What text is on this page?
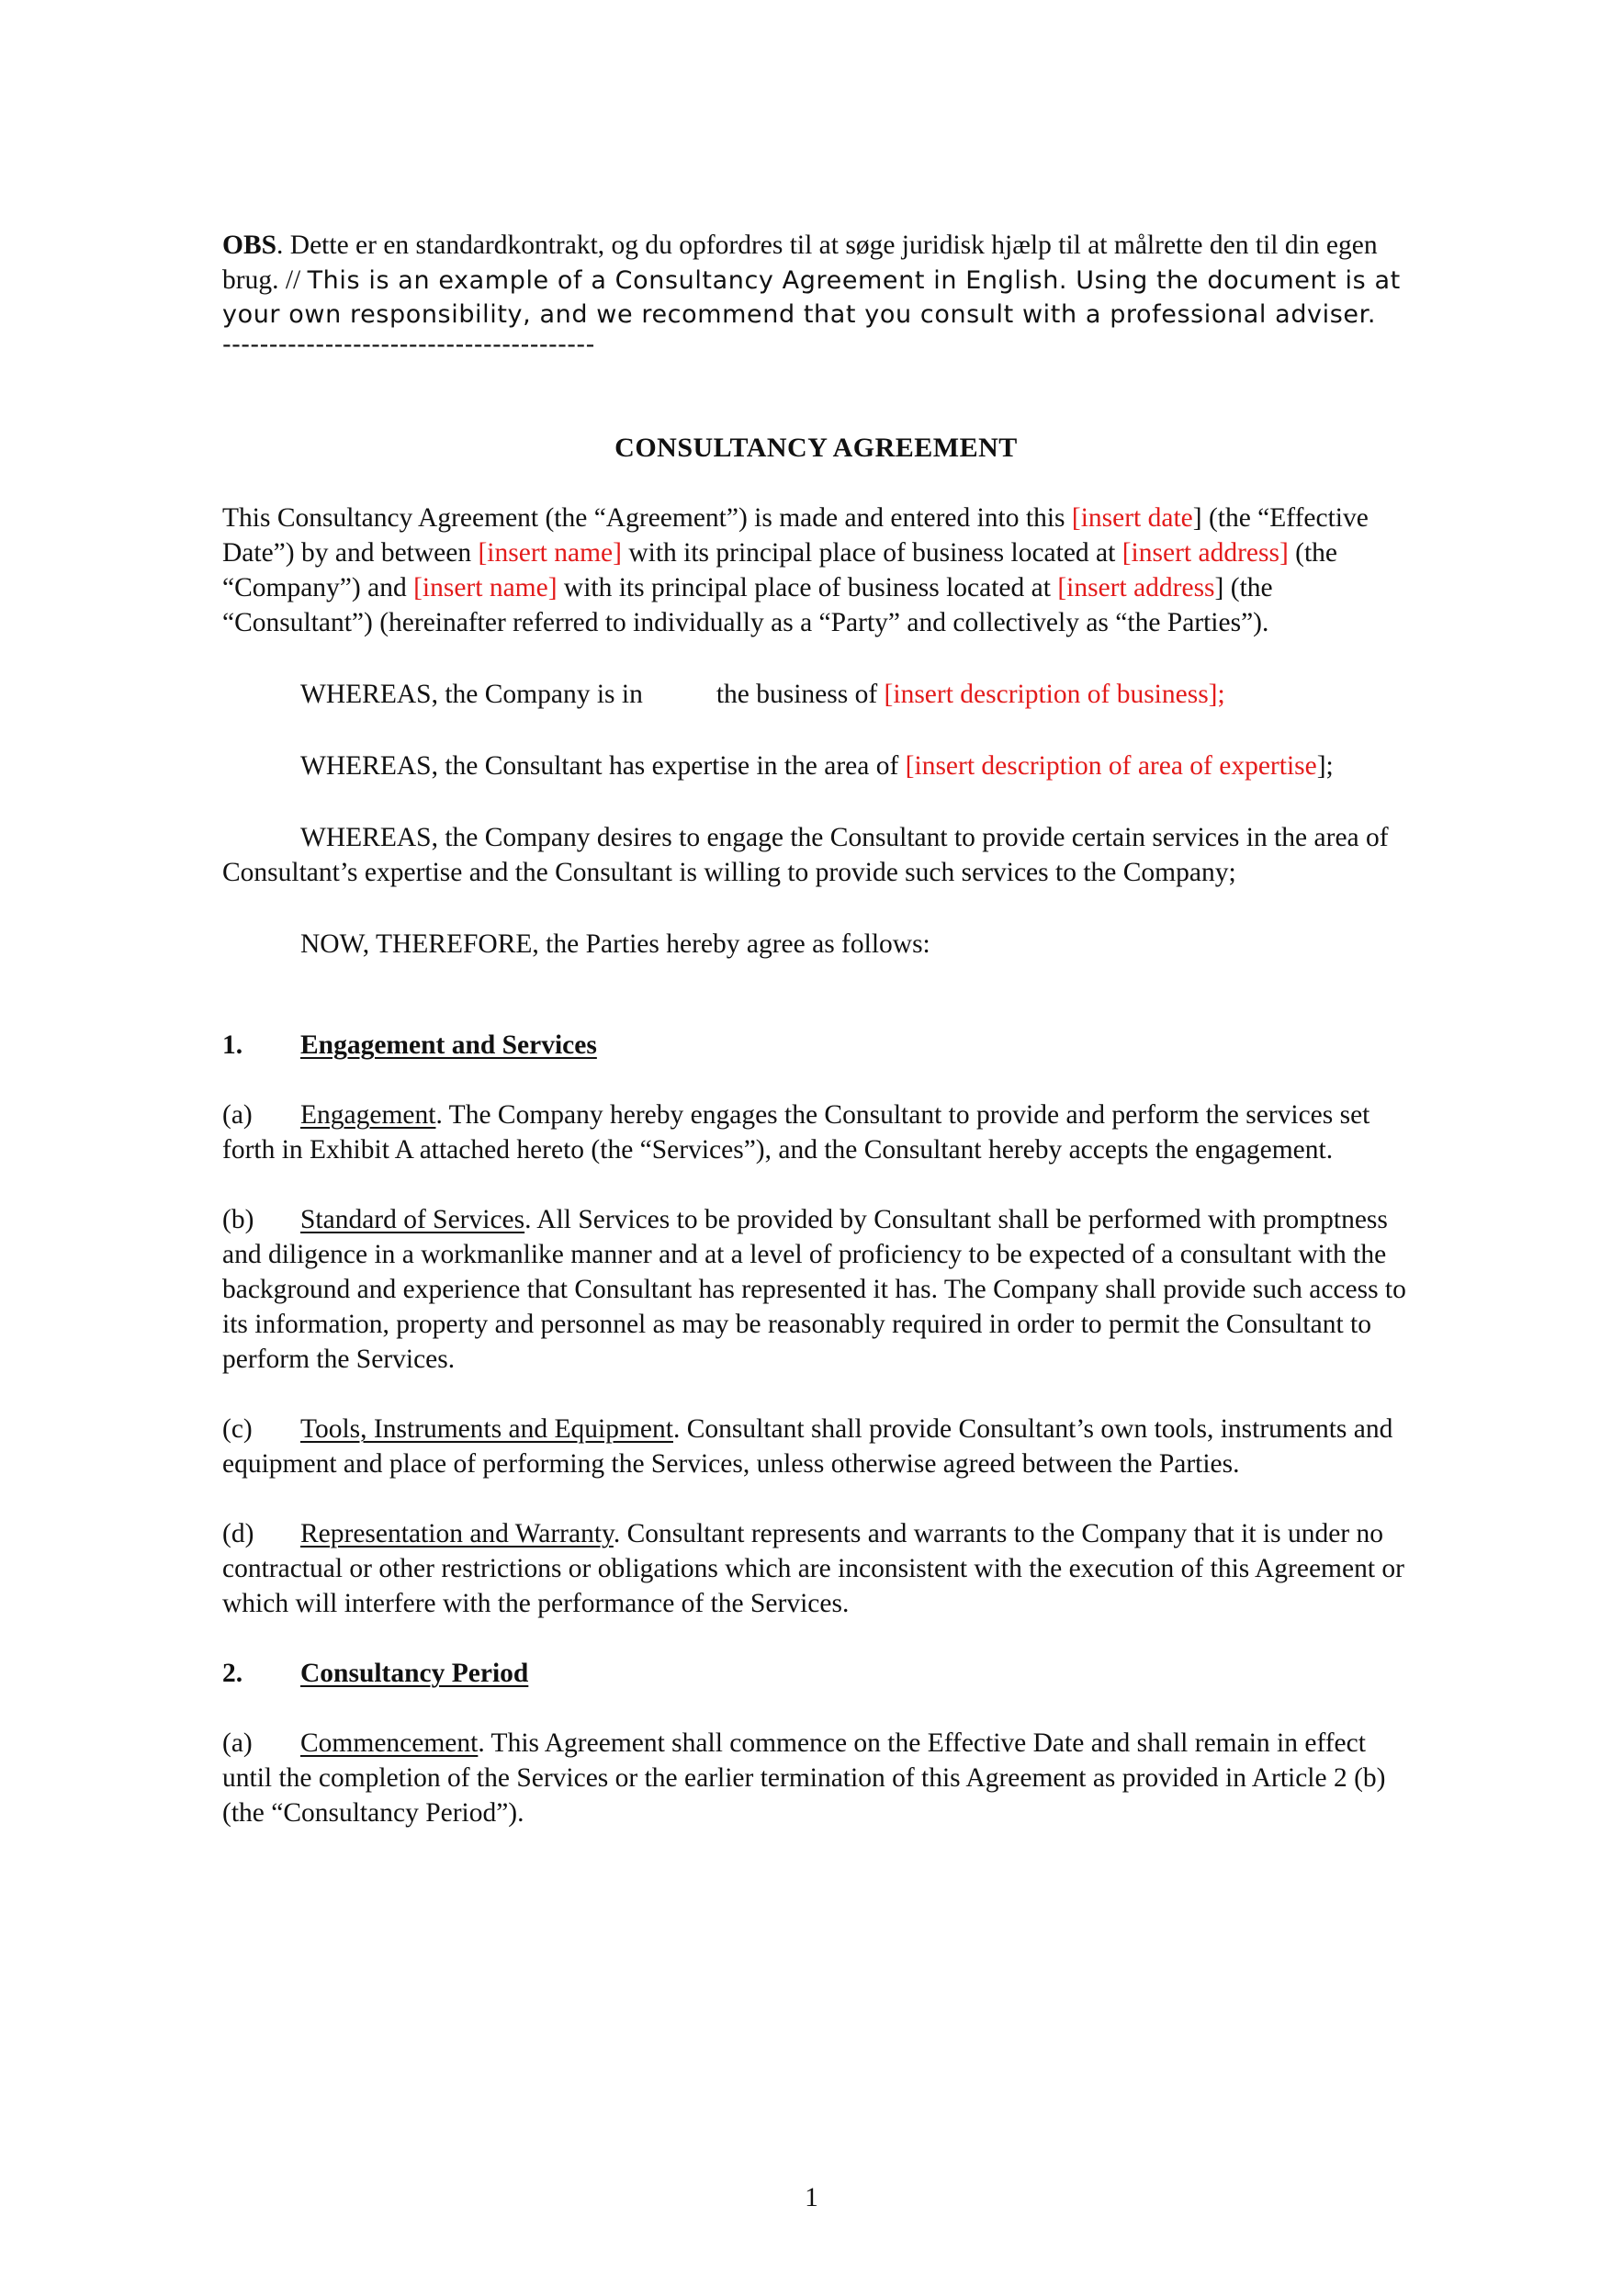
OBS. Dette er en standardkontrakt, og du opfordres til at søge juridisk hjælp til at målrette den til din egen brug. //

This is an example of a Consultancy Agreement in English. Using the document is at your own responsibility, and we recommend that you consult with a professional adviser.
----------------------------------------
CONSULTANCY AGREEMENT

This Consultancy Agreement (the “Agreement”) is made and entered into this [insert date] (the “Effective Date”) by and between [insert name] with its principal place of business located at [insert address] (the “Company”) and [insert name] with its principal place of business located at [insert address] (the “Consultant”) (hereinafter referred to individually as a “Party” and collectively as “the Parties”).

WHEREAS, the Company is in	the business of [insert description of business];

WHEREAS, the Consultant has expertise in the area of [insert description of area of expertise];

WHEREAS, the Company desires to engage the Consultant to provide certain services in the area of Consultant’s expertise and the Consultant is willing to provide such services to the Company;

NOW, THEREFORE, the Parties hereby agree as follows:

1. Engagement and Services

(a) Engagement. The Company hereby engages the Consultant to provide and perform the services set forth in Exhibit A attached hereto (the “Services”), and the Consultant hereby accepts the engagement.

(b) Standard of Services. All Services to be provided by Consultant shall be performed with promptness and diligence in a workmanlike manner and at a level of proficiency to be expected of a consultant with the background and experience that Consultant has represented it has. The Company shall provide such access to its information, property and personnel as may be reasonably required in order to permit the Consultant to perform the Services.

(c) Tools, Instruments and Equipment. Consultant shall provide Consultant’s own tools, instruments and equipment and place of performing the Services, unless otherwise agreed between the Parties.

(d) Representation and Warranty. Consultant represents and warrants to the Company that it is under no contractual or other restrictions or obligations which are inconsistent with the execution of this Agreement or which will interfere with the performance of the Services.

2. Consultancy Period

(a) Commencement. This Agreement shall commence on the Effective Date and shall remain in effect until the completion of the Services or the earlier termination of this Agreement as provided in Article 2 (b) (the “Consultancy Period”).

1
